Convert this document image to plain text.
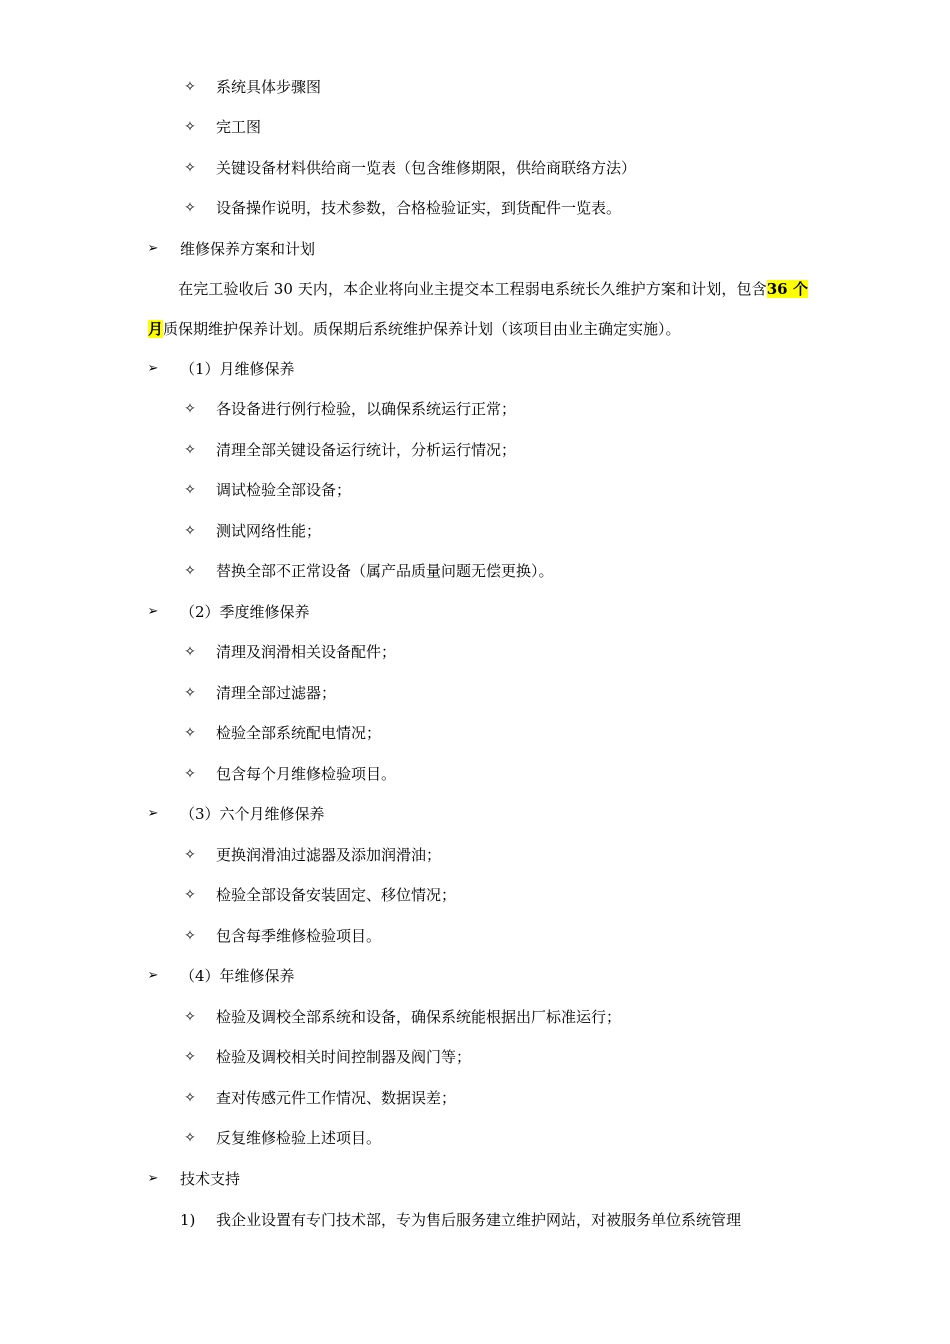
✧ 系统具体步骤图
✧ 完工图
✧ 关键设备材料供给商一览表（包含维修期限，供给商联络方法）
✧ 设备操作说明，技术参数，合格检验证实，到货配件一览表。
➢	维修保养方案和计划
在完工验收后 30 天内，本企业将向业主提交本工程弱电系统长久维护方案和计划，包含36 个月质保期维护保养计划。质保期后系统维护保养计划（该项目由业主确定实施）。
➢	（1）月维修保养
✧ 各设备进行例行检验，以确保系统运行正常；
✧ 清理全部关键设备运行统计，分析运行情况；
✧ 调试检验全部设备；
✧ 测试网络性能；
✧ 替换全部不正常设备（属产品质量问题无偿更换）。
➢	（2）季度维修保养
✧ 清理及润滑相关设备配件；
✧ 清理全部过滤器；
✧ 检验全部系统配电情况；
✧ 包含每个月维修检验项目。
➢	（3）六个月维修保养
✧ 更换润滑油过滤器及添加润滑油；
✧ 检验全部设备安装固定、移位情况；
✧ 包含每季维修检验项目。
➢	（4）年维修保养
✧ 检验及调校全部系统和设备，确保系统能根据出厂标准运行；
✧ 检验及调校相关时间控制器及阀门等；
✧ 查对传感元件工作情况、数据误差；
✧ 反复维修检验上述项目。
➢	技术支持
1) 我企业设置有专门技术部，专为售后服务建立维护网站，对被服务单位系统管理
